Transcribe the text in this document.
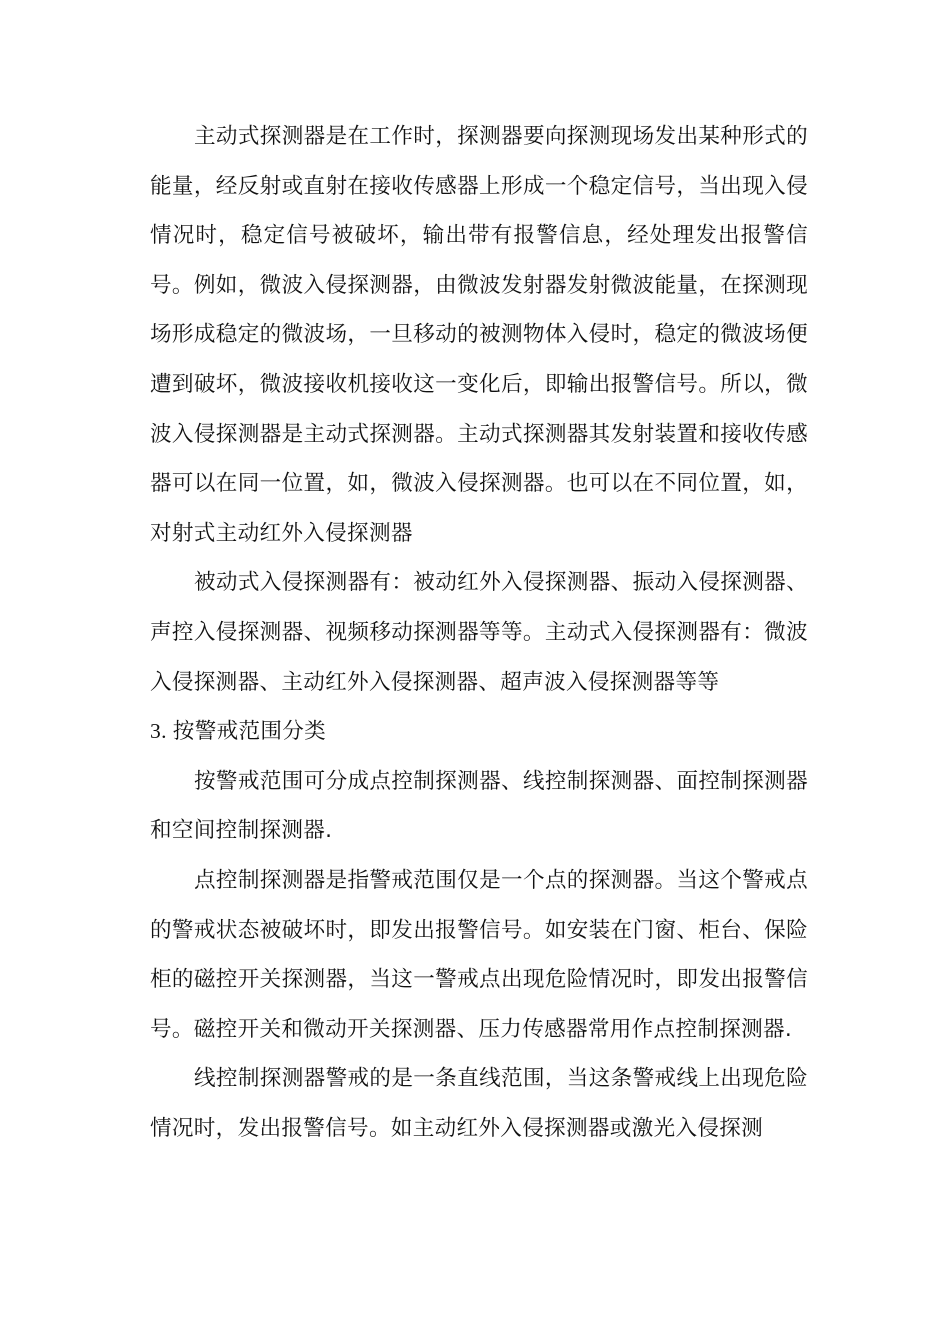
主动式探测器是在工作时，探测器要向探测现场发出某种形式的能量，经反射或直射在接收传感器上形成一个稳定信号，当出现入侵情况时，稳定信号被破坏，输出带有报警信息，经处理发出报警信号。例如，微波入侵探测器，由微波发射器发射微波能量，在探测现场形成稳定的微波场，一旦移动的被测物体入侵时，稳定的微波场便遭到破坏，微波接收机接收这一变化后，即输出报警信号。所以，微波入侵探测器是主动式探测器。主动式探测器其发射装置和接收传感器可以在同一位置，如，微波入侵探测器。也可以在不同位置，如，对射式主动红外入侵探测器

被动式入侵探测器有：被动红外入侵探测器、振动入侵探测器、声控入侵探测器、视频移动探测器等等。主动式入侵探测器有：微波入侵探测器、主动红外入侵探测器、超声波入侵探测器等等

3. 按警戒范围分类

按警戒范围可分成点控制探测器、线控制探测器、面控制探测器和空间控制探测器.

点控制探测器是指警戒范围仅是一个点的探测器。当这个警戒点的警戒状态被破坏时，即发出报警信号。如安装在门窗、柜台、保险柜的磁控开关探测器，当这一警戒点出现危险情况时，即发出报警信号。磁控开关和微动开关探测器、压力传感器常用作点控制探测器.

线控制探测器警戒的是一条直线范围，当这条警戒线上出现危险情况时，发出报警信号。如主动红外入侵探测器或激光入侵探测
